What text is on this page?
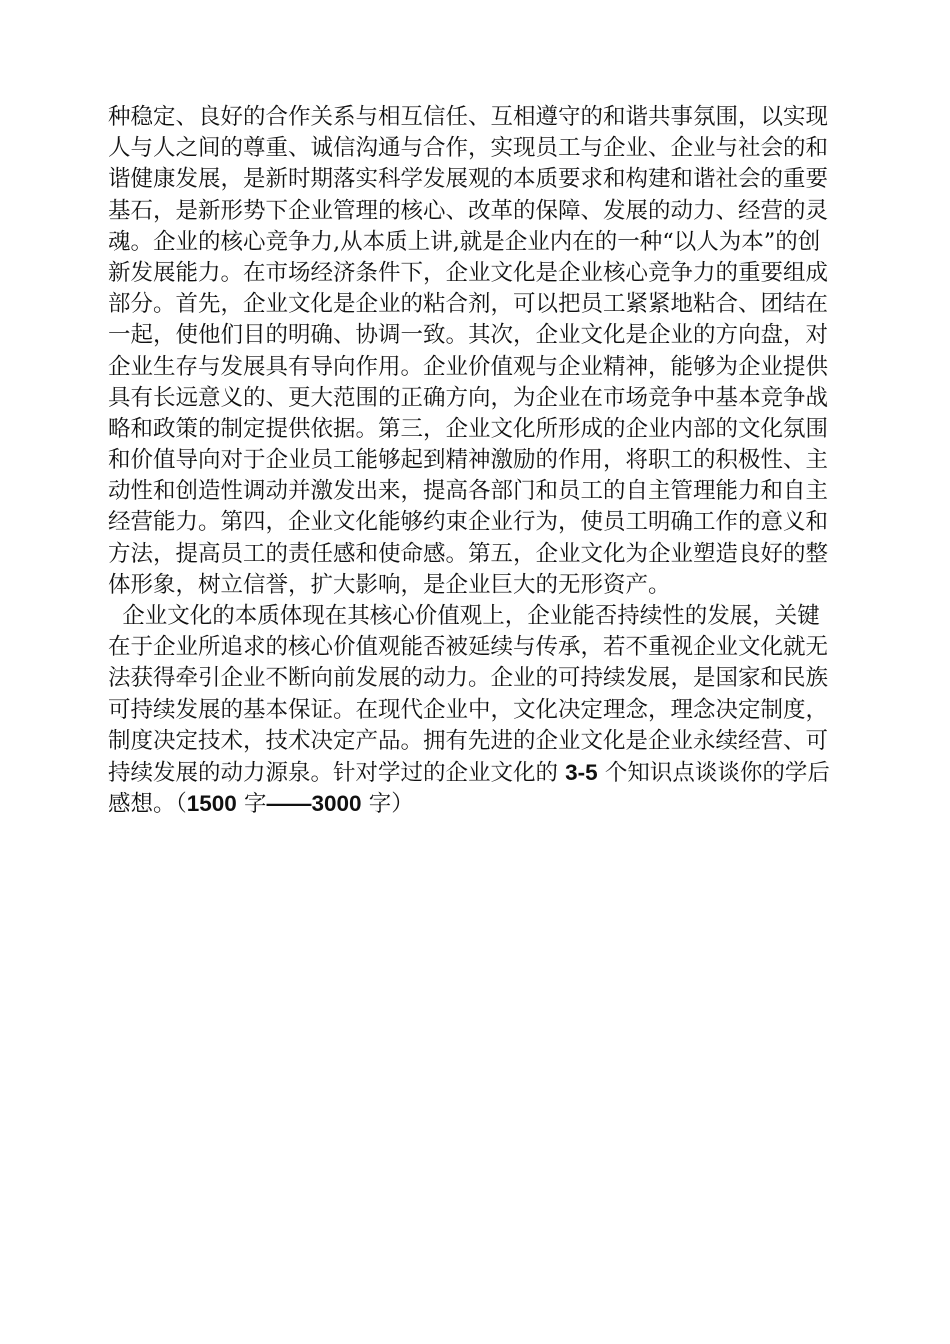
种稳定、良好的合作关系与相互信任、互相遵守的和谐共事氛围，以实现
人与人之间的尊重、诚信沟通与合作，实现员工与企业、企业与社会的和
谐健康发展，是新时期落实科学发展观的本质要求和构建和谐社会的重要
基石，是新形势下企业管理的核心、改革的保障、发展的动力、经营的灵
魂。企业的核心竞争力,从本质上讲,就是企业内在的一种“以人为本”的创
新发展能力。在市场经济条件下，企业文化是企业核心竞争力的重要组成
部分。首先，企业文化是企业的粘合剂，可以把员工紧紧地粘合、团结在
一起，使他们目的明确、协调一致。其次，企业文化是企业的方向盘，对
企业生存与发展具有导向作用。企业价值观与企业精神，能够为企业提供
具有长远意义的、更大范围的正确方向，为企业在市场竞争中基本竞争战
略和政策的制定提供依据。第三，企业文化所形成的企业内部的文化氛围
和价值导向对于企业员工能够起到精神激励的作用，将职工的积极性、主
动性和创造性调动并激发出来，提高各部门和员工的自主管理能力和自主
经营能力。第四，企业文化能够约束企业行为，使员工明确工作的意义和
方法，提高员工的责任感和使命感。第五，企业文化为企业塑造良好的整
体形象，树立信誉，扩大影响，是企业巨大的无形资产。
企业文化的本质体现在其核心价值观上，企业能否持续性的发展，关键
在于企业所追求的核心价值观能否被延续与传承，若不重视企业文化就无
法获得牵引企业不断向前发展的动力。企业的可持续发展，是国家和民族
可持续发展的基本保证。在现代企业中，文化决定理念，理念决定制度，
制度决定技术，技术决定产品。拥有先进的企业文化是企业永续经营、可
持续发展的动力源泉。针对学过的企业文化的 3-5 个知识点谈谈你的学后
感想。（1500 字——3000 字）
